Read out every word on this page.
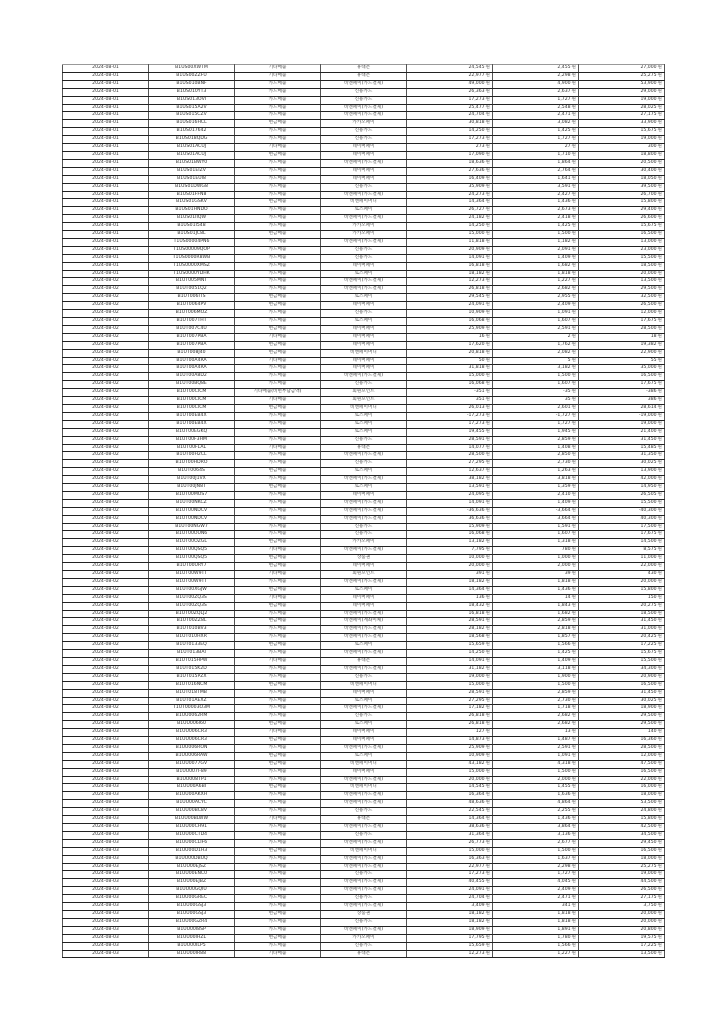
2024-08-01	B1US00XWTM	기타매출	휴대폰	24,545원	2,455원	27,000원
2024-08-01	B1US00ZZFU	기타매출	휴대폰	22,977원	2,298원	25,275원
2024-08-01	B1US010BNF	카드매출	비엔페이(카드결제)	49,000원	4,900원	53,900원
2024-08-01	B1US010YT3	카드매출	신용카드	26,363원	2,637원	29,000원
2024-08-01	B1US013OVI	카드매출	신용카드	17,273원	1,727원	19,000원
2024-08-01	B1US015A2V	카드매출	비엔페이(카드결제)	25,477원	2,548원	28,025원
2024-08-01	B1US015CZV	카드매출	비엔페이(카드결제)	24,704원	2,471원	27,175원
2024-08-01	B1US016HCL	현금매출	카카오페이	30,818원	3,082원	33,900원
2024-08-01	B1US017642	카드매출	신용카드	14,250원	1,425원	15,675원
2024-08-01	B1US018QDG	카드매출	신용카드	17,273원	1,727원	19,000원
2024-08-01	B1US01ACUJ	기타매출	네이버페이	273원	27원	300원
2024-08-01	B1US01ACUJ	현금매출	네이버페이	17,090원	1,710원	18,800원
2024-08-01	B1US01BWY0	카드매출	비엔페이(카드결제)	18,636원	1,864원	20,500원
2024-08-01	B1US01EIZV	카드매출	네이버페이	27,636원	2,764원	30,400원
2024-08-01	B1US01EUI8	카드매출	네이버페이	16,409원	1,641원	18,050원
2024-08-01	B1US01DWG8	카드매출	신용카드	35,909원	3,591원	39,500원
2024-08-01	B1US01FFN8	카드매출	비엔페이(카드결제)	24,273원	2,427원	26,700원
2024-08-01	B1US01GSKV	현금매출	비엔페이머니	14,364원	1,436원	15,800원
2024-08-01	B1US01HNDO	카드매출	토스페이	26,727원	2,673원	29,400원
2024-08-01	B1US01IIQW	카드매출	비엔페이(카드결제)	24,182원	2,418원	26,600원
2024-08-01	B1US01I548	카드매출	카카오페이	14,250원	1,425원	15,675원
2024-08-01	B1US01JC8L	현금매출	카카오페이	15,000원	1,500원	16,500원
2024-08-01	T1US00004PN6	카드매출	비엔페이(카드결제)	11,818원	1,182원	13,000원
2024-08-01	T1US00009QOP	카드매출	신용카드	20,909원	2,091원	23,000원
2024-08-01	T1US0000R8WB	카드매출	신용카드	14,091원	1,409원	15,500원
2024-08-01	T1US0000XMSZ	카드매출	네이버페이	16,818원	1,682원	18,500원
2024-08-01	T1US0000YDHK	카드매출	토스페이	18,182원	1,818원	20,000원
2024-08-02	B1UT005MNT	카드매출	비엔페이(카드결제)	12,273원	1,227원	13,500원
2024-08-02	B1UT0051Q2	카드매출	비엔페이(카드결제)	26,818원	2,682원	29,500원
2024-08-02	B1UT006ITS	현금매출	토스페이	29,545원	2,955원	32,500원
2024-08-02	B1UT0064PV	현금매출	네이버페이	24,091원	2,409원	26,500원
2024-08-02	B1UT006MOZ	카드매출	신용카드	10,909원	1,091원	12,000원
2024-08-02	B1UT007THT	카드매출	토스페이	16,068원	1,607원	17,675원
2024-08-02	B1UT007C4U	현금매출	네이버페이	25,909원	2,591원	28,500원
2024-08-02	B1UT007PBA	기타매출	네이버페이	16원	2원	18원
2024-08-02	B1UT007PBA	현금매출	네이버페이	17,620원	1,762원	19,382원
2024-08-02	B1UT008J40	현금매출	비엔페이머니	20,818원	2,082원	22,900원
2024-08-02	B1UT00A4RA	기타매출	네이버페이	50원	5원	55원
2024-08-02	B1UT00A4RA	카드매출	네이버페이	31,818원	3,182원	35,000원
2024-08-02	B1UT00A8D2	카드매출	비엔페이(카드결제)	15,000원	1,500원	16,500원
2024-08-02	B1UT00BQ8E	카드매출	신용카드	16,068원	1,607원	17,675원
2024-08-02	B1UT00CICM	기타매출(비현부담금액)	회원포인트	-351원	-35원	-386원
2024-08-02	B1UT00CICM	기타매출	회원포인트	351원	35원	386원
2024-08-02	B1UT00CICM	현금매출	비엔페이머니	26,013원	2,601원	28,614원
2024-08-02	B1UT00EB4X	카드매출	토스페이	-17,273원	-1,727원	-19,000원
2024-08-02	B1UT00EB4X	카드매출	토스페이	17,273원	1,727원	19,000원
2024-08-02	B1UT00EGKQ	카드매출	토스페이	19,455원	1,945원	21,400원
2024-08-02	B1UT00F3HM	카드매출	신용카드	28,591원	2,859원	31,450원
2024-08-02	B1UT00FLAL	기타매출	휴대폰	14,077원	1,408원	15,485원
2024-08-02	B1UT00H2CL	카드매출	비엔페이(카드결제)	28,500원	2,850원	31,350원
2024-08-02	B1UT00HDRO	카드매출	신용카드	27,295원	2,730원	30,025원
2024-08-02	B1UT0064S	현금매출	토스페이	12,637원	1,263원	13,900원
2024-08-02	B1UT00J1VX	카드매출	비엔페이(카드결제)	38,182원	3,818원	42,000원
2024-08-02	B1UT00JN8T	현금매출	토스페이	13,591원	1,359원	14,950원
2024-08-02	B1UT00MOS7	카드매출	네이버페이	24,095원	2,410원	26,505원
2024-08-02	B1UT00NKCZ	카드매출	비엔페이(카드결제)	14,091원	1,409원	15,500원
2024-08-02	B1UT00NDCV	카드매출	비엔페이(카드결제)	-36,636원	-3,664원	-40,300원
2024-08-02	B1UT00NDCV	카드매출	비엔페이(카드결제)	36,636원	3,664원	40,300원
2024-08-02	B1UT00NGW7	카드매출	신용카드	15,909원	1,591원	17,500원
2024-08-02	B1UT00OUN6	카드매출	신용카드	16,068원	1,607원	17,675원
2024-08-02	B1UT00OZGL	현금매출	카카오페이	13,182원	1,318원	14,500원
2024-08-02	B1UT00QSQ5	기타매출	비엔페이(카드결제)	7,795원	780원	8,575원
2024-08-02	B1UT00QSQ5	현금매출	상품권	10,000원	1,000원	11,000원
2024-08-02	B1UT00URY7	현금매출	네이버페이	20,000원	2,000원	22,000원
2024-08-02	B1UT00W9TT	기타매출	회원포인트	391원	39원	430원
2024-08-02	B1UT00W9TT	카드매출	비엔페이(카드결제)	18,182원	1,818원	20,000원
2024-08-02	B1UT00XGJW	현금매출	토스페이	14,364원	1,436원	15,800원
2024-08-02	B1UT00ZQ3S	기타매출	네이버페이	136원	14원	150원
2024-08-02	B1UT00ZQ3S	현금매출	네이버페이	18,432원	1,843원	20,275원
2024-08-02	B1UT00ZQLJ2	카드매출	비엔페이(카드결제)	16,818원	1,682원	18,500원
2024-08-02	B1UT00ZZ8L	현금매출	비엔페이(계좌이체)	28,591원	2,859원	31,450원
2024-08-02	B1UT010BV3	카드매출	비엔페이(카드결제)	28,182원	2,818원	31,000원
2024-08-02	B1UT010HXR	카드매출	비엔페이(카드결제)	18,568원	1,857원	20,425원
2024-08-02	B1UT0133EQ	현금매출	토스페이	15,659원	1,566원	17,225원
2024-08-02	B1UT013BAI	카드매출	비엔페이(카드결제)	14,250원	1,425원	15,675원
2024-08-02	B1UT015HPW	기타매출	휴대폰	14,091원	1,409원	15,500원
2024-08-02	B1UT015K2D	카드매출	비엔페이(카드결제)	31,182원	3,118원	34,300원
2024-08-02	B1UT015PZX	카드매출	신용카드	19,000원	1,900원	20,900원
2024-08-02	B1UT016NCM	현금매출	비엔페이머니	15,000원	1,500원	16,500원
2024-08-02	B1UT018TMB	카드매출	네이버페이	28,591원	2,859원	31,450원
2024-08-02	B1UT01AEXZ	카드매출	토스페이	27,295원	2,730원	30,025원
2024-08-02	T1UT00003O3M	카드매출	비엔페이(카드결제)	17,182원	1,718원	18,900원
2024-08-03	B1UU0062RM	카드매출	신용카드	26,818원	2,682원	29,500원
2024-08-03	B1UU006I60	현금매출	토스페이	26,818원	2,682원	29,500원
2024-08-03	B1UU006CR3	기타매출	네이버페이	127원	13원	140원
2024-08-03	B1UU006CR3	현금매출	네이버페이	14,873원	1,487원	16,360원
2024-08-03	B1UU006RON	카드매출	비엔페이(카드결제)	25,909원	2,591원	28,500원
2024-08-03	B1UU006RAW	현금매출	토스페이	10,909원	1,091원	12,000원
2024-08-03	B1UU0077GV	현금매출	비엔페이머니	43,182원	4,318원	47,500원
2024-08-03	B1UU007I-89	카드매출	네이버페이	15,000원	1,500원	16,500원
2024-08-03	B1UU008TP1	카드매출	비엔페이(카드결제)	20,000원	2,000원	22,000원
2024-08-03	B1UU00A6BI	현금매출	비엔페이머니	14,545원	1,455원	16,000원
2024-08-03	B1UU00AKXH	카드매출	비엔페이(카드결제)	16,364원	1,636원	18,000원
2024-08-03	B1UU00ACYC	카드매출	비엔페이(카드결제)	48,636원	4,864원	53,500원
2024-08-03	B1UU00BC8V	카드매출	신용카드	22,545원	2,255원	24,800원
2024-08-03	B1UU00BLWW	기타매출	휴대폰	14,364원	1,436원	15,800원
2024-08-03	B1UU00CH91	카드매출	비엔페이(카드결제)	38,636원	3,864원	42,500원
2024-08-03	B1UU00CTD4	카드매출	신용카드	31,364원	3,136원	34,500원
2024-08-03	B1UU00CLIF6	카드매출	비엔페이(카드결제)	26,773원	2,677원	29,450원
2024-08-03	B1UU00D1H3	현금매출	비엔페이머니	15,000원	1,500원	16,500원
2024-08-03	B1UU00DBUQ	카드매출	비엔페이(카드결제)	16,363원	1,637원	18,000원
2024-08-03	B1UU00EJSZ	카드매출	비엔페이(카드결제)	22,977원	2,298원	25,275원
2024-08-03	B1UU00ENC0	카드매출	신용카드	17,273원	1,727원	19,000원
2024-08-03	B1UU00EJBZ	카드매출	비엔페이(카드결제)	40,455원	4,045원	44,500원
2024-08-03	B1UU00GQIU	카드매출	비엔페이(카드결제)	24,091원	2,409원	26,500원
2024-08-03	B1UU00GREC	카드매출	신용카드	24,704원	2,471원	27,175원
2024-08-03	B1UU00GSJ3	카드매출	비엔페이(카드결제)	3,409원	341원	3,750원
2024-08-03	B1UU00GSJ3	현금매출	상품권	18,182원	1,818원	20,000원
2024-08-03	B1UU00GZR4	카드매출	신용카드	18,182원	1,818원	20,000원
2024-08-03	B1UU00I8SP	카드매출	비엔페이(카드결제)	18,909원	1,891원	20,800원
2024-08-03	B1UU00IHZL	현금매출	카카오페이	17,795원	1,780원	19,575원
2024-08-03	B1UU00ILP5	카드매출	신용카드	15,659원	1,566원	17,225원
2024-08-03	B1UU00IR88	기타매출	휴대폰	12,273원	1,227원	13,500원
